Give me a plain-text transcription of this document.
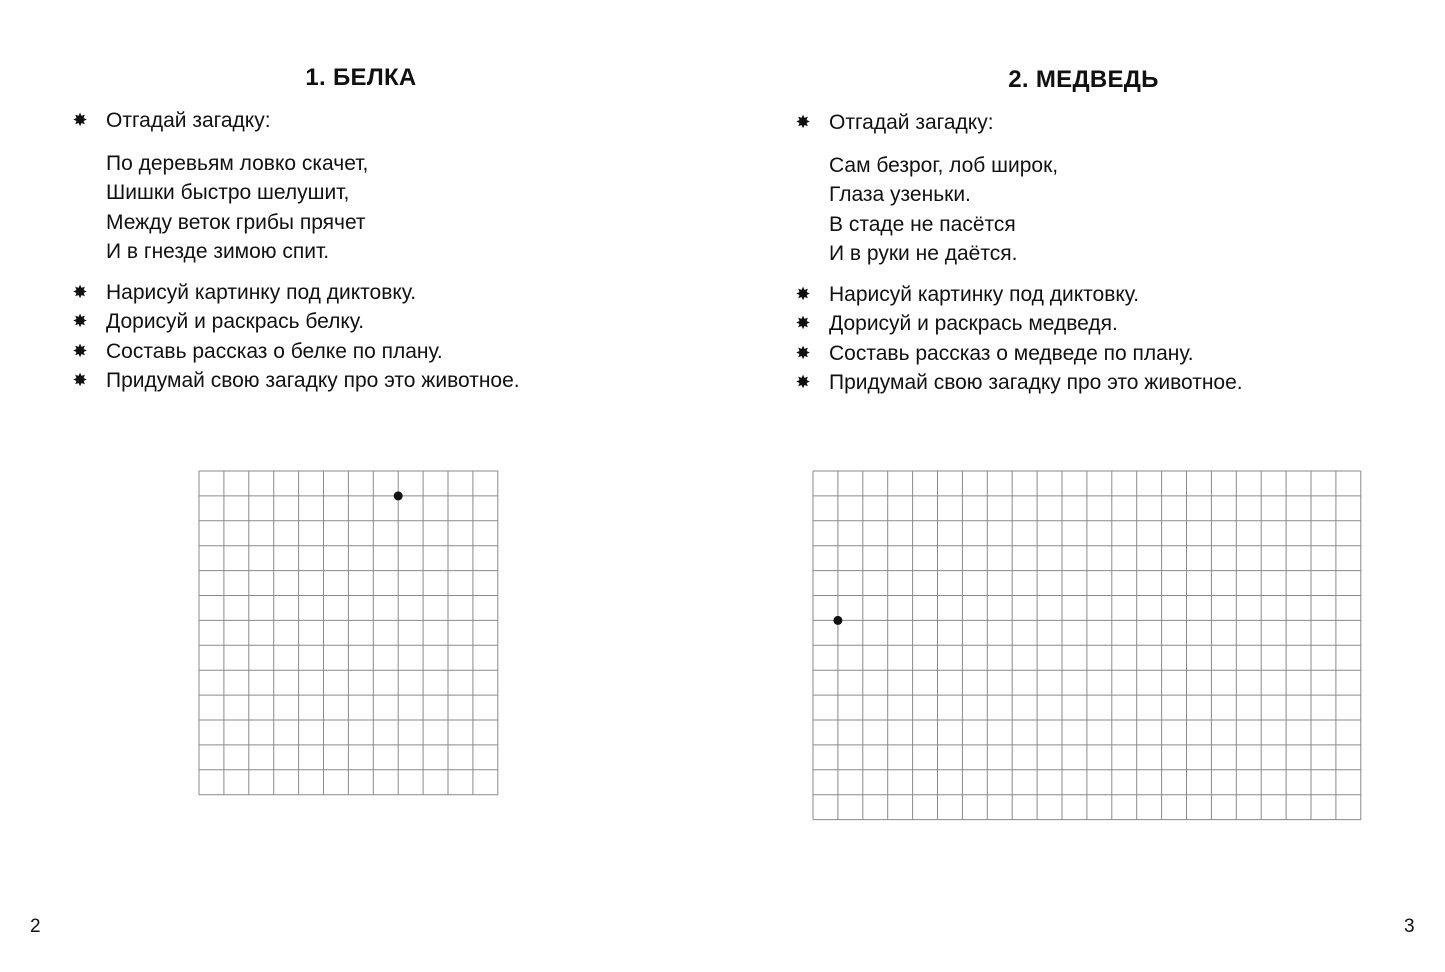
1. БЕЛКА
✸ Отгадай загадку:
По деревьям ловко скачет,
Шишки быстро шелушит,
Между веток грибы прячет
И в гнезде зимою спит.
✸ Нарисуй картинку под диктовку.
✸ Дорисуй и раскрась белку.
✸ Составь рассказ о белке по плану.
✸ Придумай свою загадку про это животное.
2
2. МЕДВЕДЬ
✸ Отгадай загадку:
Сам безрог, лоб широк,
Глаза узеньки.
В стаде не пасётся
И в руки не даётся.
✸ Нарисуй картинку под диктовку.
✸ Дорисуй и раскрась медведя.
✸ Составь рассказ о медведе по плану.
✸ Придумай свою загадку про это животное.
3
